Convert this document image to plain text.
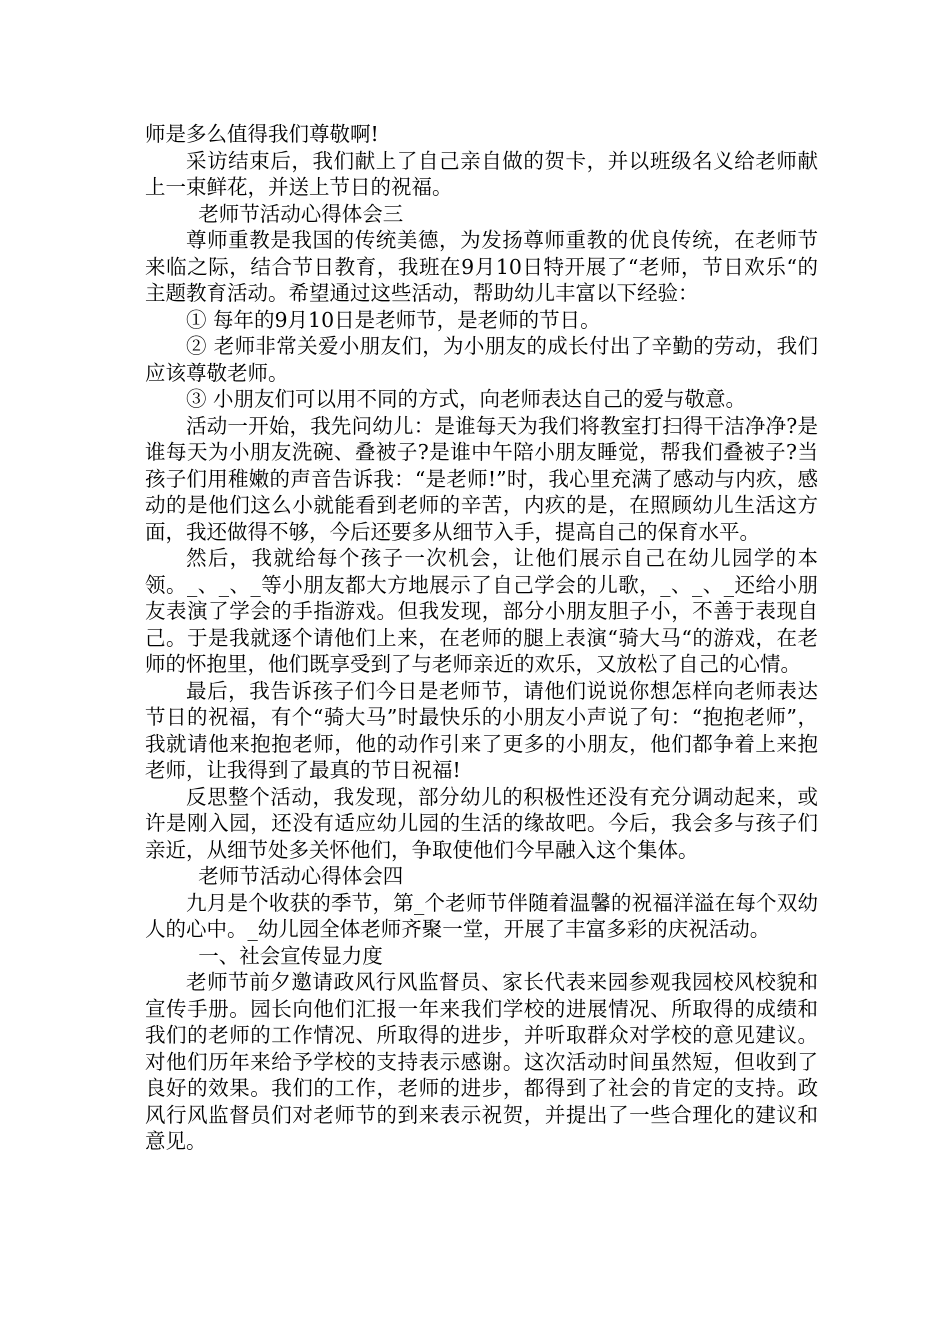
师是多么值得我们尊敬啊!

采访结束后，我们献上了自己亲自做的贺卡，并以班级名义给老师献上一束鲜花，并送上节日的祝福。

老师节活动心得体会三

尊师重教是我国的传统美德，为发扬尊师重教的优良传统，在老师节来临之际，结合节日教育，我班在9月10日特开展了“老师，节日欢乐“的主题教育活动。希望通过这些活动，帮助幼儿丰富以下经验：

① 每年的9月10日是老师节，是老师的节日。

② 老师非常关爱小朋友们，为小朋友的成长付出了辛勤的劳动，我们应该尊敬老师。

③ 小朋友们可以用不同的方式，向老师表达自己的爱与敬意。

活动一开始，我先问幼儿：是谁每天为我们将教室打扫得干洁净净?是谁每天为小朋友洗碗、叠被子?是谁中午陪小朋友睡觉，帮我们叠被子?当孩子们用稚嫩的声音告诉我：“是老师!”时，我心里充满了感动与内疚，感动的是他们这么小就能看到老师的辛苦，内疚的是，在照顾幼儿生活这方面，我还做得不够，今后还要多从细节入手，提高自己的保育水平。

然后，我就给每个孩子一次机会，让他们展示自己在幼儿园学的本领。_、_、_等小朋友都大方地展示了自己学会的儿歌，_、_、_还给小朋友表演了学会的手指游戏。但我发现，部分小朋友胆子小，不善于表现自己。于是我就逐个请他们上来，在老师的腿上表演“骑大马“的游戏，在老师的怀抱里，他们既享受到了与老师亲近的欢乐，又放松了自己的心情。

最后，我告诉孩子们今日是老师节，请他们说说你想怎样向老师表达节日的祝福，有个“骑大马”时最快乐的小朋友小声说了句：“抱抱老师”，我就请他来抱抱老师，他的动作引来了更多的小朋友，他们都争着上来抱老师，让我得到了最真的节日祝福!

反思整个活动，我发现，部分幼儿的积极性还没有充分调动起来，或许是刚入园，还没有适应幼儿园的生活的缘故吧。今后，我会多与孩子们亲近，从细节处多关怀他们，争取使他们今早融入这个集体。

老师节活动心得体会四

九月是个收获的季节，第_个老师节伴随着温馨的祝福洋溢在每个双幼人的心中。_幼儿园全体老师齐聚一堂，开展了丰富多彩的庆祝活动。

一、社会宣传显力度

老师节前夕邀请政风行风监督员、家长代表来园参观我园校风校貌和宣传手册。园长向他们汇报一年来我们学校的进展情况、所取得的成绩和我们的老师的工作情况、所取得的进步，并听取群众对学校的意见建议。对他们历年来给予学校的支持表示感谢。这次活动时间虽然短，但收到了良好的效果。我们的工作，老师的进步，都得到了社会的肯定的支持。政风行风监督员们对老师节的到来表示祝贺，并提出了一些合理化的建议和意见。
